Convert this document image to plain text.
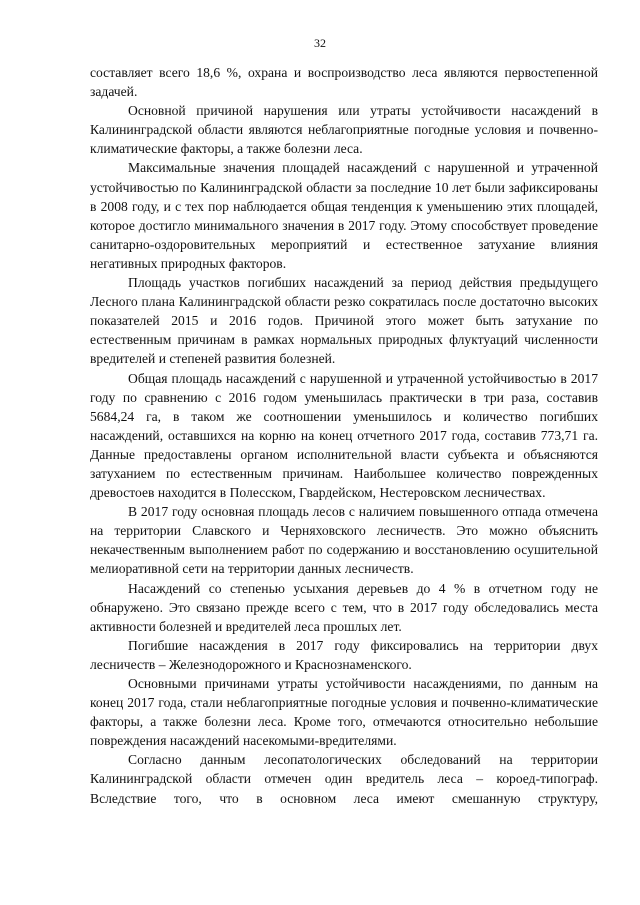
32

составляет всего 18,6 %, охрана и воспроизводство леса являются первостепенной задачей.

Основной причиной нарушения или утраты устойчивости насаждений в Калининградской области являются неблагоприятные погодные условия и почвенно-климатические факторы, а также болезни леса.

Максимальные значения площадей насаждений с нарушенной и утраченной устойчивостью по Калининградской области за последние 10 лет были зафиксированы в 2008 году, и с тех пор наблюдается общая тенденция к уменьшению этих площадей, которое достигло минимального значения в 2017 году. Этому способствует проведение санитарно-оздоровительных мероприятий и естественное затухание влияния негативных природных факторов.

Площадь участков погибших насаждений за период действия предыдущего Лесного плана Калининградской области резко сократилась после достаточно высоких показателей 2015 и 2016 годов. Причиной этого может быть затухание по естественным причинам в рамках нормальных природных флуктуаций численности вредителей и степеней развития болезней.

Общая площадь насаждений с нарушенной и утраченной устойчивостью в 2017 году по сравнению с 2016 годом уменьшилась практически в три раза, составив 5684,24 га, в таком же соотношении уменьшилось и количество погибших насаждений, оставшихся на корню на конец отчетного 2017 года, составив 773,71 га. Данные предоставлены органом исполнительной власти субъекта и объясняются затуханием по естественным причинам. Наибольшее количество поврежденных древостоев находится в Полесском, Гвардейском, Нестеровском лесничествах.

В 2017 году основная площадь лесов с наличием повышенного отпада отмечена на территории Славского и Черняховского лесничеств. Это можно объяснить некачественным выполнением работ по содержанию и восстановлению осушительной мелиоративной сети на территории данных лесничеств.

Насаждений со степенью усыхания деревьев до 4 % в отчетном году не обнаружено. Это связано прежде всего с тем, что в 2017 году обследовались места активности болезней и вредителей леса прошлых лет.

Погибшие насаждения в 2017 году фиксировались на территории двух лесничеств – Железнодорожного и Краснознаменского.

Основными причинами утраты устойчивости насаждениями, по данным на конец 2017 года, стали неблагоприятные погодные условия и почвенно-климатические факторы, а также болезни леса. Кроме того, отмечаются относительно небольшие повреждения насаждений насекомыми-вредителями.

Согласно данным лесопатологических обследований на территории Калининградской области отмечен один вредитель леса – короед-типограф. Вследствие того, что в основном леса имеют смешанную структуру,
